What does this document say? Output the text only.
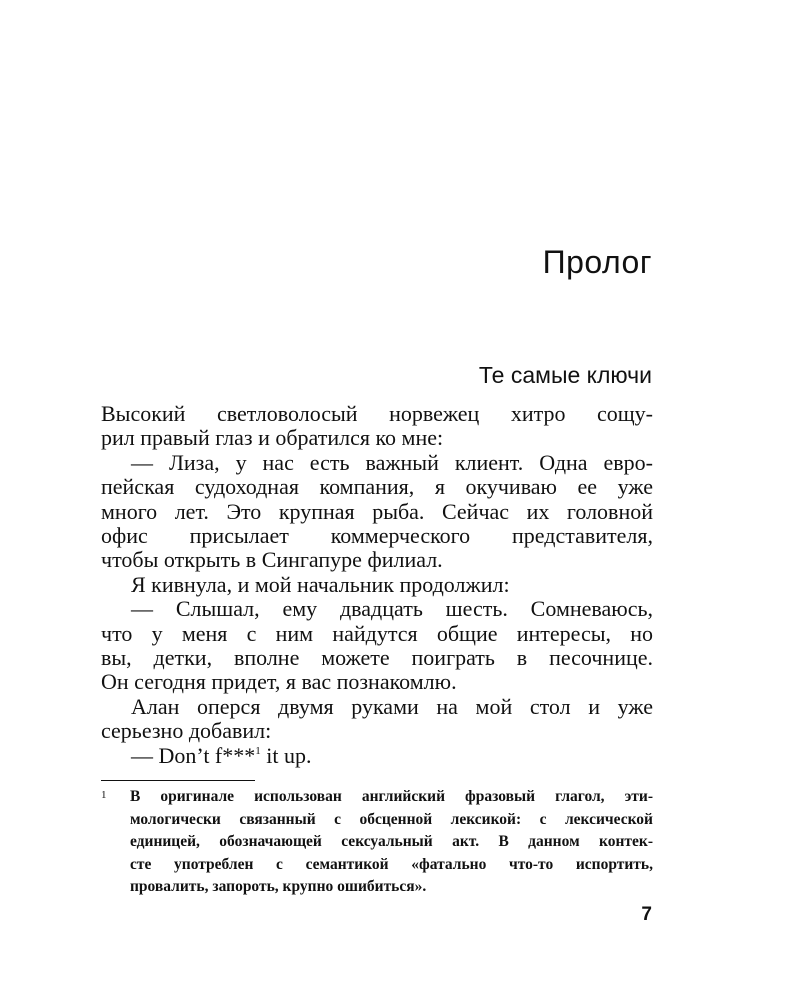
Пролог
Те самые ключи
Высокий светловолосый норвежец хитро сощу-
рил правый глаз и обратился ко мне:
— Лиза, у нас есть важный клиент. Одна евро-
пейская судоходная компания, я окучиваю ее уже
много лет. Это крупная рыба. Сейчас их головной
офис присылает коммерческого представителя,
чтобы открыть в Сингапуре филиал.
Я кивнула, и мой начальник продолжил:
— Слышал, ему двадцать шесть. Сомневаюсь,
что у меня с ним найдутся общие интересы, но
вы, детки, вполне можете поиграть в песочнице.
Он сегодня придет, я вас познакомлю.
Алан оперся двумя руками на мой стол и уже
серьезно добавил:
— Don’t f***$^1$ it up.
1 В оригинале использован английский фразовый глагол, эти-
мологически связанный с обсценной лексикой: с лексической
единицей, обозначающей сексуальный акт. В данном контек-
сте употреблен с семантикой «фатально что-то испортить,
провалить, запороть, крупно ошибиться».
7
